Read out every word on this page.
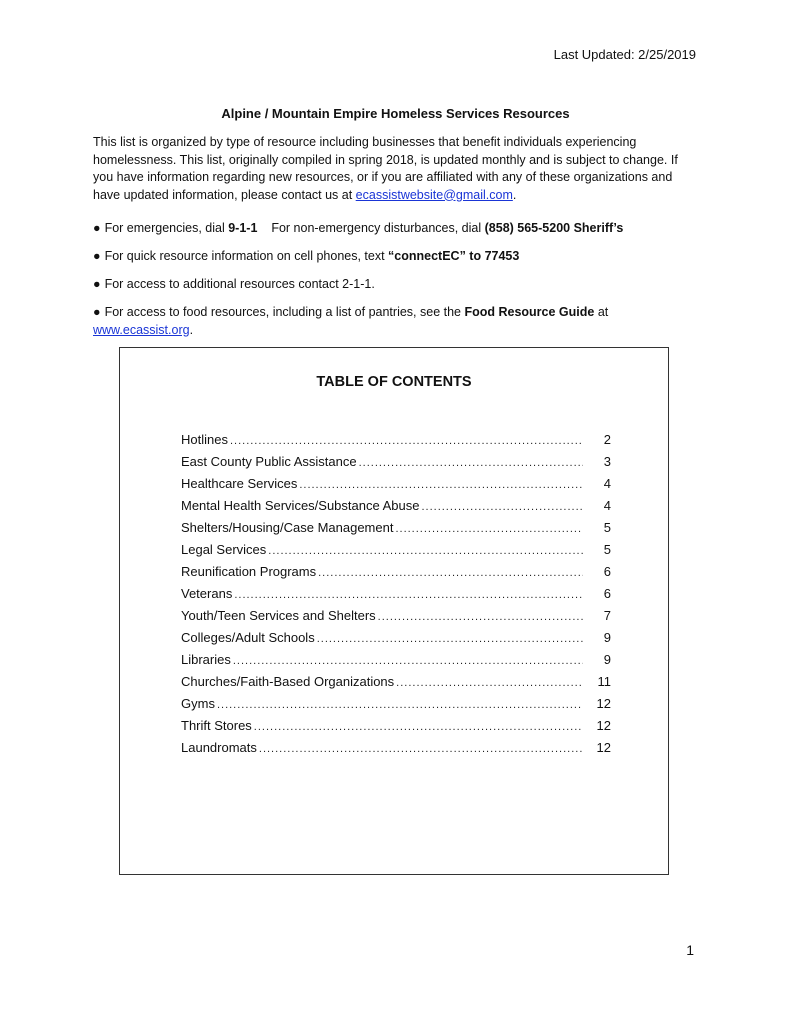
Last Updated: 2/25/2019
Alpine / Mountain Empire Homeless Services Resources
This list is organized by type of resource including businesses that benefit individuals experiencing homelessness. This list, originally compiled in spring 2018, is updated monthly and is subject to change. If you have information regarding new resources, or if you are affiliated with any of these organizations and have updated information, please contact us at ecassistwebsite@gmail.com.
● For emergencies, dial 9-1-1    For non-emergency disturbances, dial (858) 565-5200 Sheriff’s
● For quick resource information on cell phones, text “connectEC” to 77453
● For access to additional resources contact 2-1-1.
● For access to food resources, including a list of pantries, see the Food Resource Guide at
www.ecassist.org.
TABLE OF CONTENTS
Hotlines .....	2
East County Public Assistance .....	3
Healthcare Services .....	4
Mental Health Services/Substance Abuse .....	4
Shelters/Housing/Case Management .....	5
Legal Services .....	5
Reunification Programs .....	6
Veterans .....	6
Youth/Teen Services and Shelters .....	7
Colleges/Adult Schools .....	9
Libraries .....	9
Churches/Faith-Based Organizations .....	11
Gyms .....	12
Thrift Stores .....	12
Laundromats .....	12
1
